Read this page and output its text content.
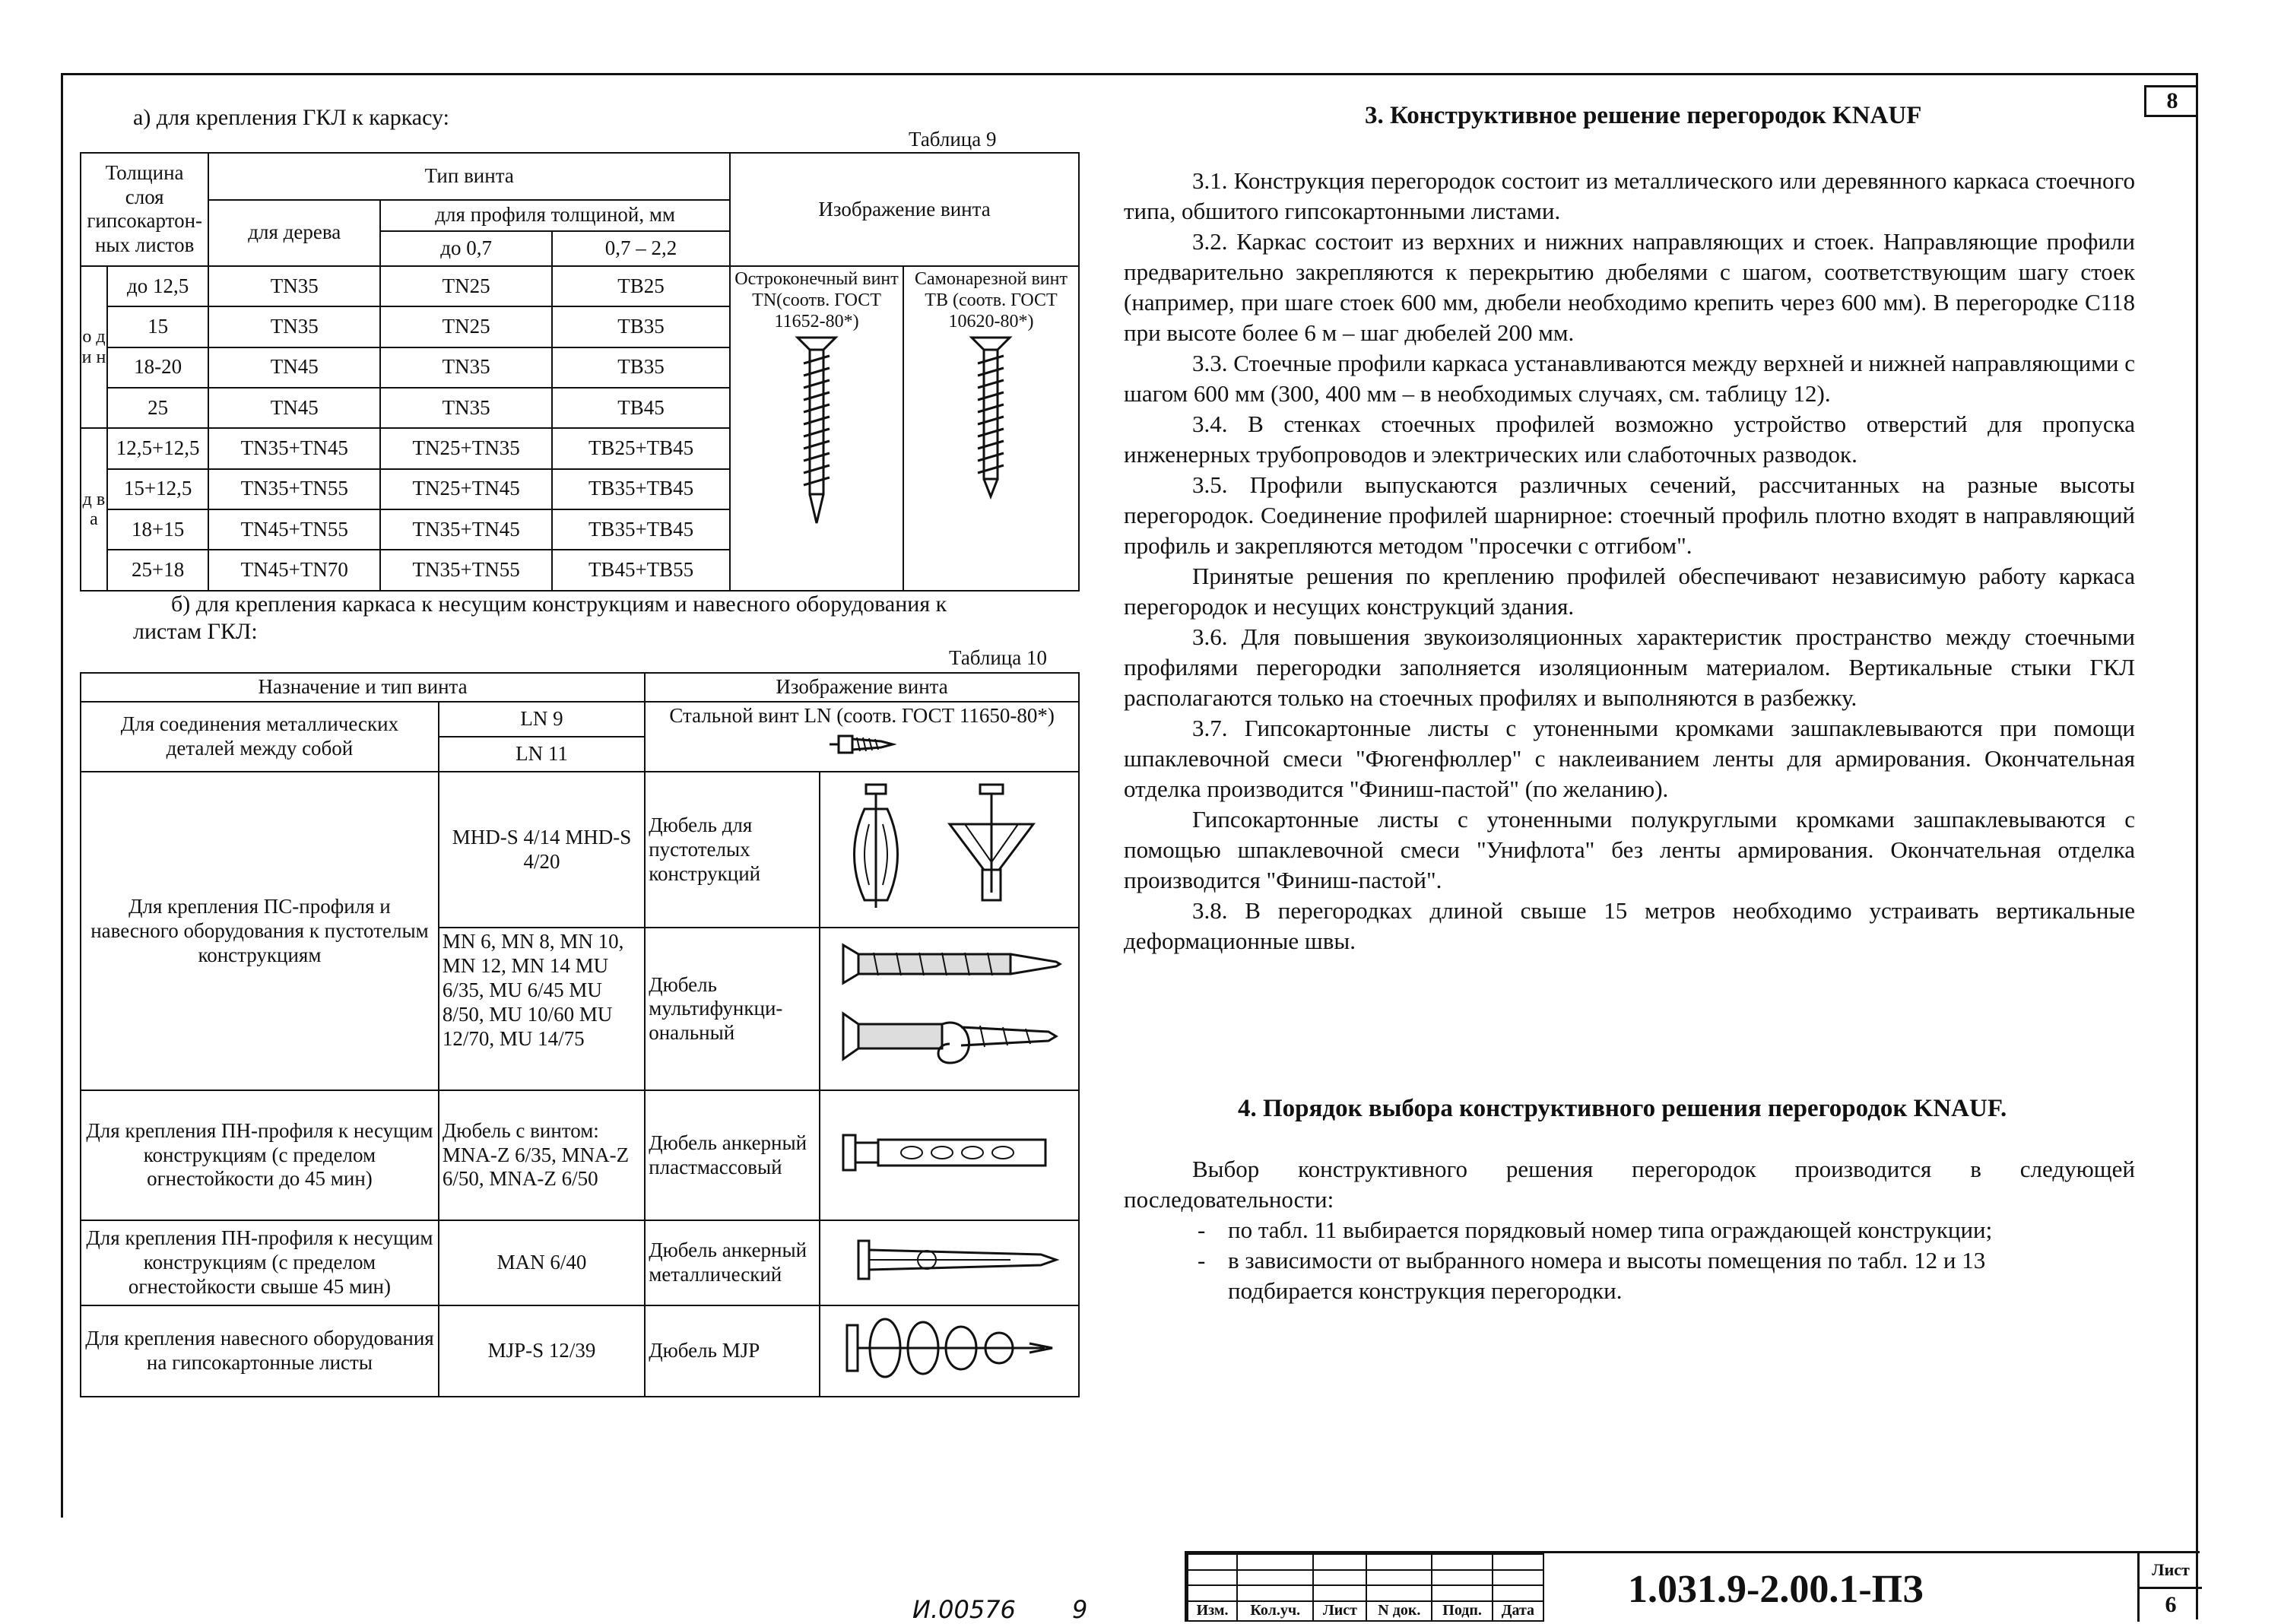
8
а) для крепления ГКЛ к каркасу:
Таблица 9
Толщина слоя гипсокартон-ных листов		Тип винта			Изображение винта	
		для дерева	для профиля толщиной, мм			
			до 0,7	0,7 – 2,2		
о д и н	до 12,5	TN35	TN25	TB25	Остроконечный винт TN(соотв. ГОСТ 11652-80*)	Самонарезной винт TB (соотв. ГОСТ 10620-80*)

	15	TN35	TN25	TB35		
	18-20	TN45	TN35	TB35		
	25	TN45	TN35	TB45		
д в а	12,5+12,5	TN35+TN45	TN25+TN35	TB25+TB45		
	15+12,5	TN35+TN55	TN25+TN45	TB35+TB45		
	18+15	TN45+TN55	TN35+TN45	TB35+TB45		
	25+18	TN45+TN70	TN35+TN55	TB45+TB55		
б) для крепления каркаса к несущим конструкциям и навесного оборудования к
листам ГКЛ:
Таблица 10
Назначение и тип винта		Изображение винта	
Для соединения металлических деталей между собой	LN 9	Стальной винт LN (соотв. ГОСТ 11650-80*)	

	LN 11		
Для крепления ПС-профиля и навесного оборудования к пустотелым конструкциям	MHD-S 4/14 MHD-S 4/20	Дюбель для пустотелых конструкций	
	MN 6, MN 8, MN 10, MN 12, MN 14 MU 6/35, MU 6/45 MU 8/50, MU 10/60 MU 12/70, MU 14/75	Дюбель мультифункци-ональный	
Для крепления ПН-профиля к несущим конструкциям (с пределом огнестойкости до 45 мин)	Дюбель с винтом: MNA-Z 6/35, MNA-Z 6/50, MNA-Z 6/50	Дюбель анкерный пластмассовый	
Для крепления ПН-профиля к несущим конструкциям (с пределом огнестойкости свыше 45 мин)	MAN 6/40	Дюбель анкерный металлический	
Для крепления навесного оборудования на гипсокартонные листы	MJP-S 12/39	Дюбель MJP	
3. Конструктивное решение перегородок KNAUF

3.1. Конструкция перегородок состоит из металлического или деревянного каркаса стоечного типа, обшитого гипсокартонными листами.

3.2. Каркас состоит из верхних и нижних направляющих и стоек. Направляющие профили предварительно закрепляются к перекрытию дюбелями с шагом, соответствующим шагу стоек (например, при шаге стоек 600 мм, дюбели необходимо крепить через 600 мм). В перегородке С118 при высоте более 6 м – шаг дюбелей 200 мм.

3.3. Стоечные профили каркаса устанавливаются между верхней и нижней направляющими с шагом 600 мм (300, 400 мм – в необходимых случаях, см. таблицу 12).

3.4. В стенках стоечных профилей возможно устройство отверстий для пропуска инженерных трубопроводов и электрических или слаботочных разводок.

3.5. Профили выпускаются различных сечений, рассчитанных на разные высоты перегородок. Соединение профилей шарнирное: стоечный профиль плотно входят в направляющий профиль и закрепляются методом "просечки с отгибом".

Принятые решения по креплению профилей обеспечивают независимую работу каркаса перегородок и несущих конструкций здания.

3.6. Для повышения звукоизоляционных характеристик пространство между стоечными профилями перегородки заполняется изоляционным материалом. Вертикальные стыки ГКЛ располагаются только на стоечных профилях и выполняются в разбежку.

3.7. Гипсокартонные листы с утоненными кромками зашпаклевываются при помощи шпаклевочной смеси "Фюгенфюллер" с наклеиванием ленты для армирования. Окончательная отделка производится "Финиш-пастой" (по желанию).

Гипсокартонные листы с утоненными полукруглыми кромками зашпаклевываются с помощью шпаклевочной смеси "Унифлота" без ленты армирования. Окончательная отделка производится "Финиш-пастой".

3.8. В перегородках длиной свыше 15 метров необходимо устраивать вертикальные деформационные швы.

4. Порядок выбора конструктивного решения перегородок KNAUF.

Выбор конструктивного решения перегородок производится в следующей последовательности:

- по табл. 11 выбирается порядковый номер типа ограждающей конструкции;
- в зависимости от выбранного номера и высоты помещения по табл. 12 и 13 подбирается конструкция перегородки.
И.00576 9

						Изм.	Кол.уч.	Лист	N док.	Подп.	Дата 1.031.9-2.00.1-ПЗ	Лист
6
